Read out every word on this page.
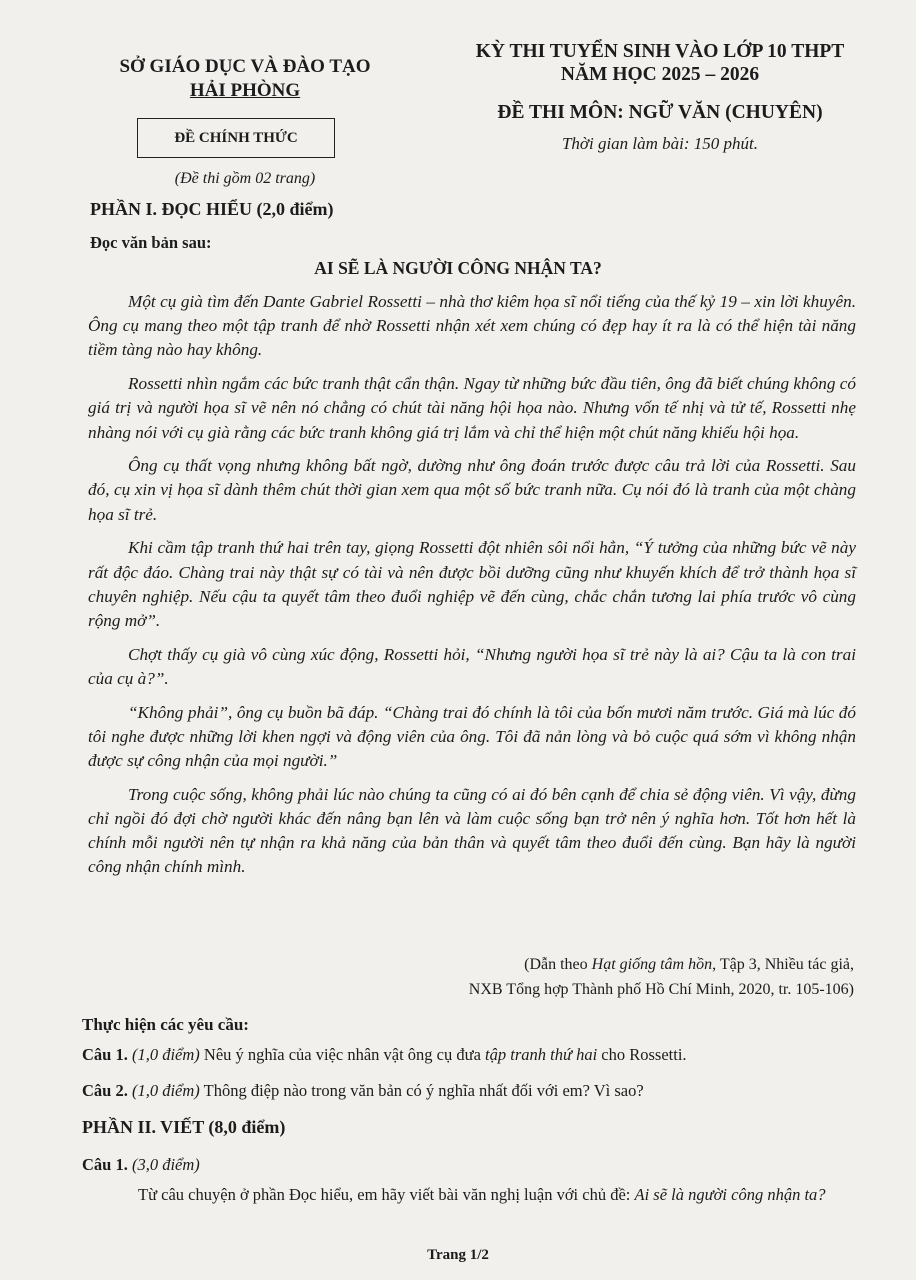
SỞ GIÁO DỤC VÀ ĐÀO TẠO
HẢI PHÒNG
ĐỀ CHÍNH THỨC
(Đề thi gồm 02 trang)
KỲ THI TUYỂN SINH VÀO LỚP 10 THPT
NĂM HỌC 2025 – 2026
ĐỀ THI MÔN: NGỮ VĂN (CHUYÊN)
Thời gian làm bài: 150 phút.
PHẦN I. ĐỌC HIỂU (2,0 điểm)
Đọc văn bản sau:
AI SẼ LÀ NGƯỜI CÔNG NHẬN TA?

Một cụ già tìm đến Dante Gabriel Rossetti – nhà thơ kiêm họa sĩ nổi tiếng của thế kỷ 19 – xin lời khuyên. Ông cụ mang theo một tập tranh để nhờ Rossetti nhận xét xem chúng có đẹp hay ít ra là có thể hiện tài năng tiềm tàng nào hay không.

Rossetti nhìn ngắm các bức tranh thật cẩn thận. Ngay từ những bức đầu tiên, ông đã biết chúng không có giá trị và người họa sĩ vẽ nên nó chẳng có chút tài năng hội họa nào. Nhưng vốn tế nhị và tử tế, Rossetti nhẹ nhàng nói với cụ già rằng các bức tranh không giá trị lắm và chỉ thể hiện một chút năng khiếu hội họa.

Ông cụ thất vọng nhưng không bất ngờ, dường như ông đoán trước được câu trả lời của Rossetti. Sau đó, cụ xin vị họa sĩ dành thêm chút thời gian xem qua một số bức tranh nữa. Cụ nói đó là tranh của một chàng họa sĩ trẻ.

Khi cầm tập tranh thứ hai trên tay, giọng Rossetti đột nhiên sôi nổi hẳn, “Ý tưởng của những bức vẽ này rất độc đáo. Chàng trai này thật sự có tài và nên được bồi dưỡng cũng như khuyến khích để trở thành họa sĩ chuyên nghiệp. Nếu cậu ta quyết tâm theo đuổi nghiệp vẽ đến cùng, chắc chắn tương lai phía trước vô cùng rộng mở”.

Chợt thấy cụ già vô cùng xúc động, Rossetti hỏi, “Nhưng người họa sĩ trẻ này là ai? Cậu ta là con trai của cụ à?”.

“Không phải”, ông cụ buồn bã đáp. “Chàng trai đó chính là tôi của bốn mươi năm trước. Giá mà lúc đó tôi nghe được những lời khen ngợi và động viên của ông. Tôi đã nản lòng và bỏ cuộc quá sớm vì không nhận được sự công nhận của mọi người.”

Trong cuộc sống, không phải lúc nào chúng ta cũng có ai đó bên cạnh để chia sẻ động viên. Vì vậy, đừng chỉ ngồi đó đợi chờ người khác đến nâng bạn lên và làm cuộc sống bạn trở nên ý nghĩa hơn. Tốt hơn hết là chính mỗi người nên tự nhận ra khả năng của bản thân và quyết tâm theo đuổi đến cùng. Bạn hãy là người công nhận chính mình.

(Dẫn theo Hạt giống tâm hồn, Tập 3, Nhiều tác giả,
NXB Tổng hợp Thành phố Hồ Chí Minh, 2020, tr. 105-106)
Thực hiện các yêu cầu:
Câu 1. (1,0 điểm) Nêu ý nghĩa của việc nhân vật ông cụ đưa tập tranh thứ hai cho Rossetti.
Câu 2. (1,0 điểm) Thông điệp nào trong văn bản có ý nghĩa nhất đối với em? Vì sao?
PHẦN II. VIẾT (8,0 điểm)
Câu 1. (3,0 điểm)
Từ câu chuyện ở phần Đọc hiểu, em hãy viết bài văn nghị luận với chủ đề: Ai sẽ là người công nhận ta?
Trang 1/2
